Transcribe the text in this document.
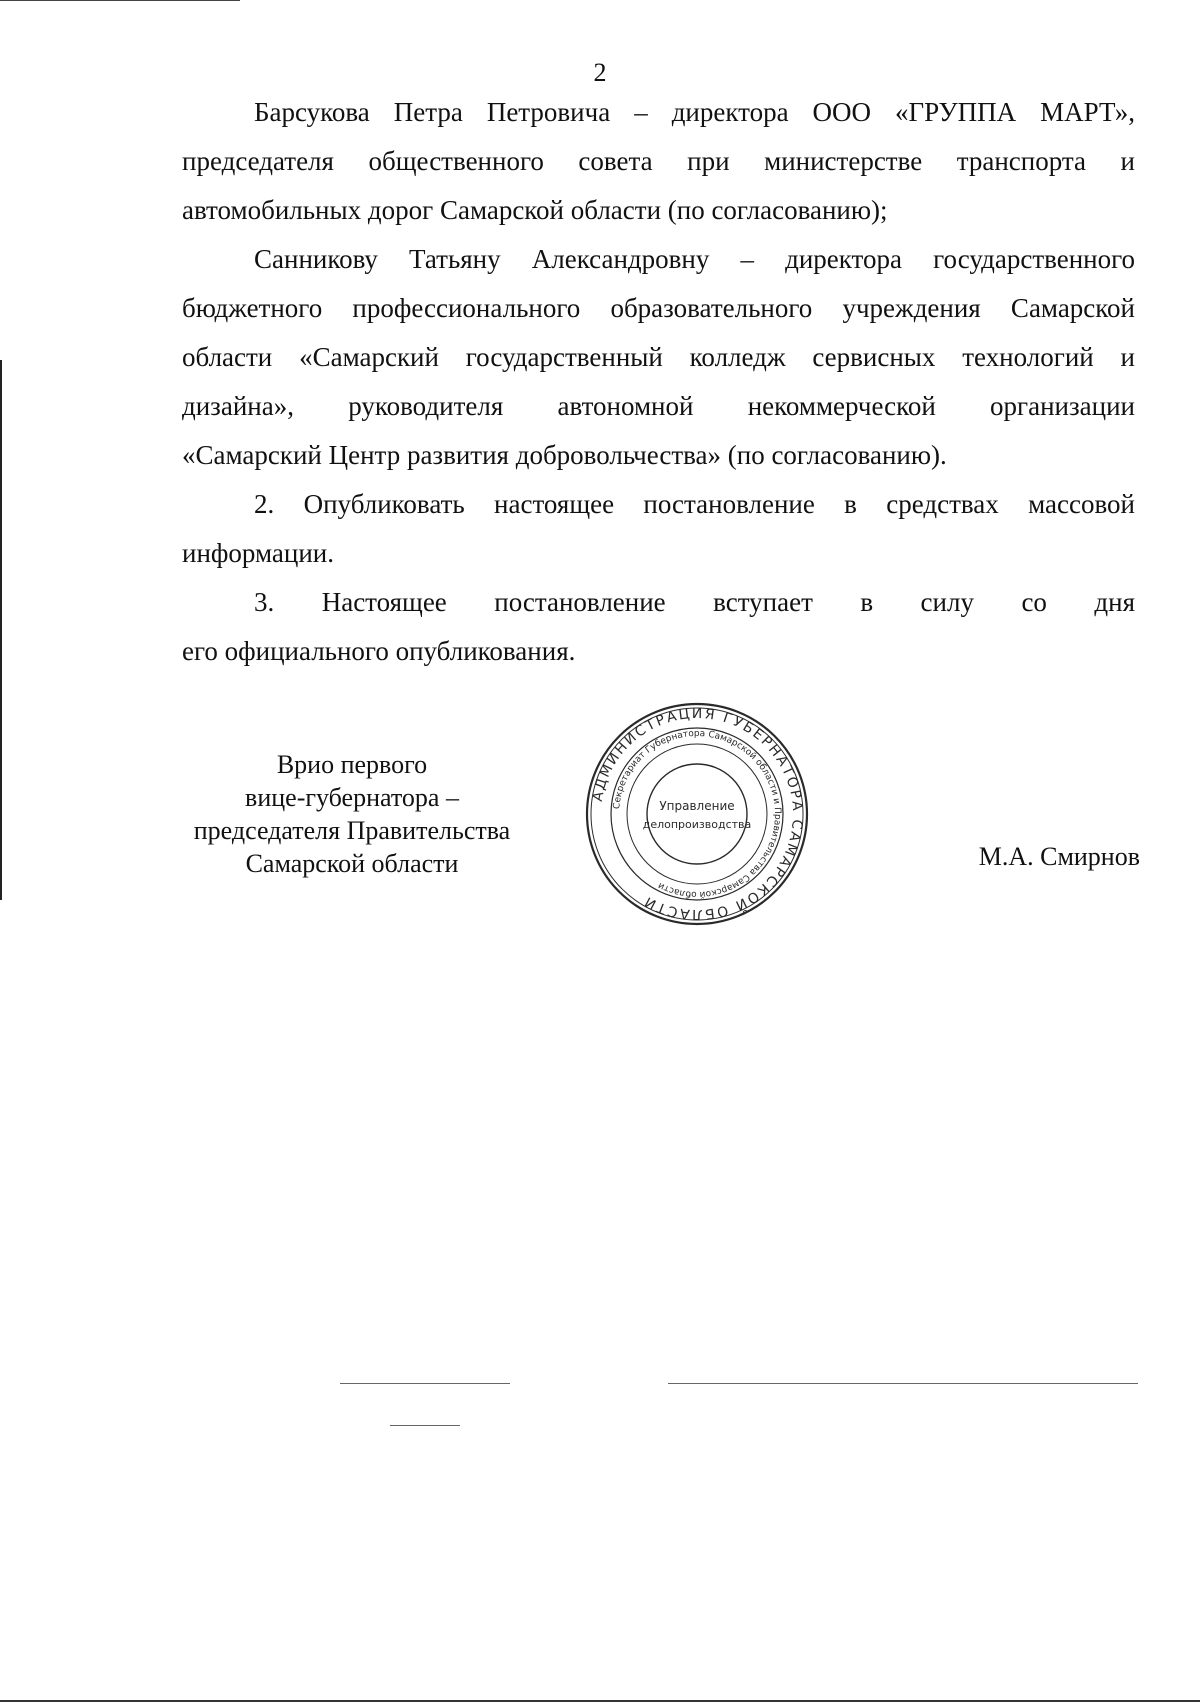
2
Барсукова Петра Петровича – директора ООО «ГРУППА МАРТ»,
председателя общественного совета при министерстве транспорта и
автомобильных дорог Самарской области (по согласованию);
Санникову Татьяну Александровну – директора государственного
бюджетного профессионального образовательного учреждения Самарской
области «Самарский государственный колледж сервисных технологий и
дизайна», руководителя автономной некоммерческой организации
«Самарский Центр развития добровольчества» (по согласованию).
2. Опубликовать настоящее постановление в средствах массовой
информации.
3. Настоящее постановление вступает в силу со дня
его официального опубликования.
Врио первого
вице-губернатора –
председателя Правительства
Самарской области
АДМИНИСТРАЦИЯ ГУБЕРНАТОРА САМАРСКОЙ ОБЛАСТИ
Секретариат Губернатора Самарской области и Правительства Самарской области
Управление
делопроизводства
М.А. Смирнов
